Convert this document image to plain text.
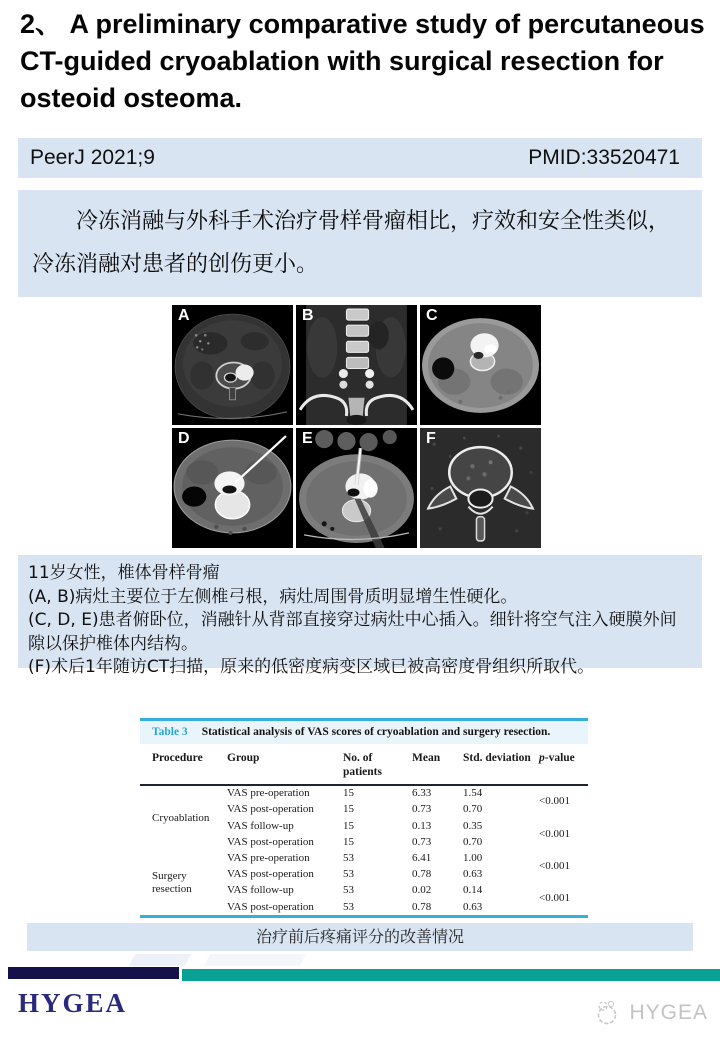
2、 A preliminary comparative study of percutaneous CT-guided cryoablation with surgical resection for osteoid osteoma.
PeerJ 2021;9	PMID:33520471
冷冻消融与外科手术治疗骨样骨瘤相比，疗效和安全性类似，冷冻消融对患者的创伤更小。
A	B	C
D	E	F
11岁女性，椎体骨样骨瘤
(A, B)病灶主要位于左侧椎弓根，病灶周围骨质明显增生性硬化。
(C, D, E)患者俯卧位，消融针从背部直接穿过病灶中心插入。细针将空气注入硬膜外间隙以保护椎体内结构。
(F)术后1年随访CT扫描，原来的低密度病变区域已被高密度骨组织所取代。
Table 3 Statistical analysis of VAS scores of cryoablation and surgery resection.
Procedure	Group	No. of patients	Mean	Std. deviation	p-value
Cryoablation	VAS pre-operation	15	6.33	1.54	<0.001
	VAS post-operation	15	0.73	0.70	
	VAS follow-up	15	0.13	0.35	<0.001
	VAS post-operation	15	0.73	0.70	
Surgery resection	VAS pre-operation	53	6.41	1.00	<0.001
	VAS post-operation	53	0.78	0.63	
	VAS follow-up	53	0.02	0.14	<0.001
	VAS post-operation	53	0.78	0.63	
治疗前后疼痛评分的改善情况
HYGEA	HYGEA
